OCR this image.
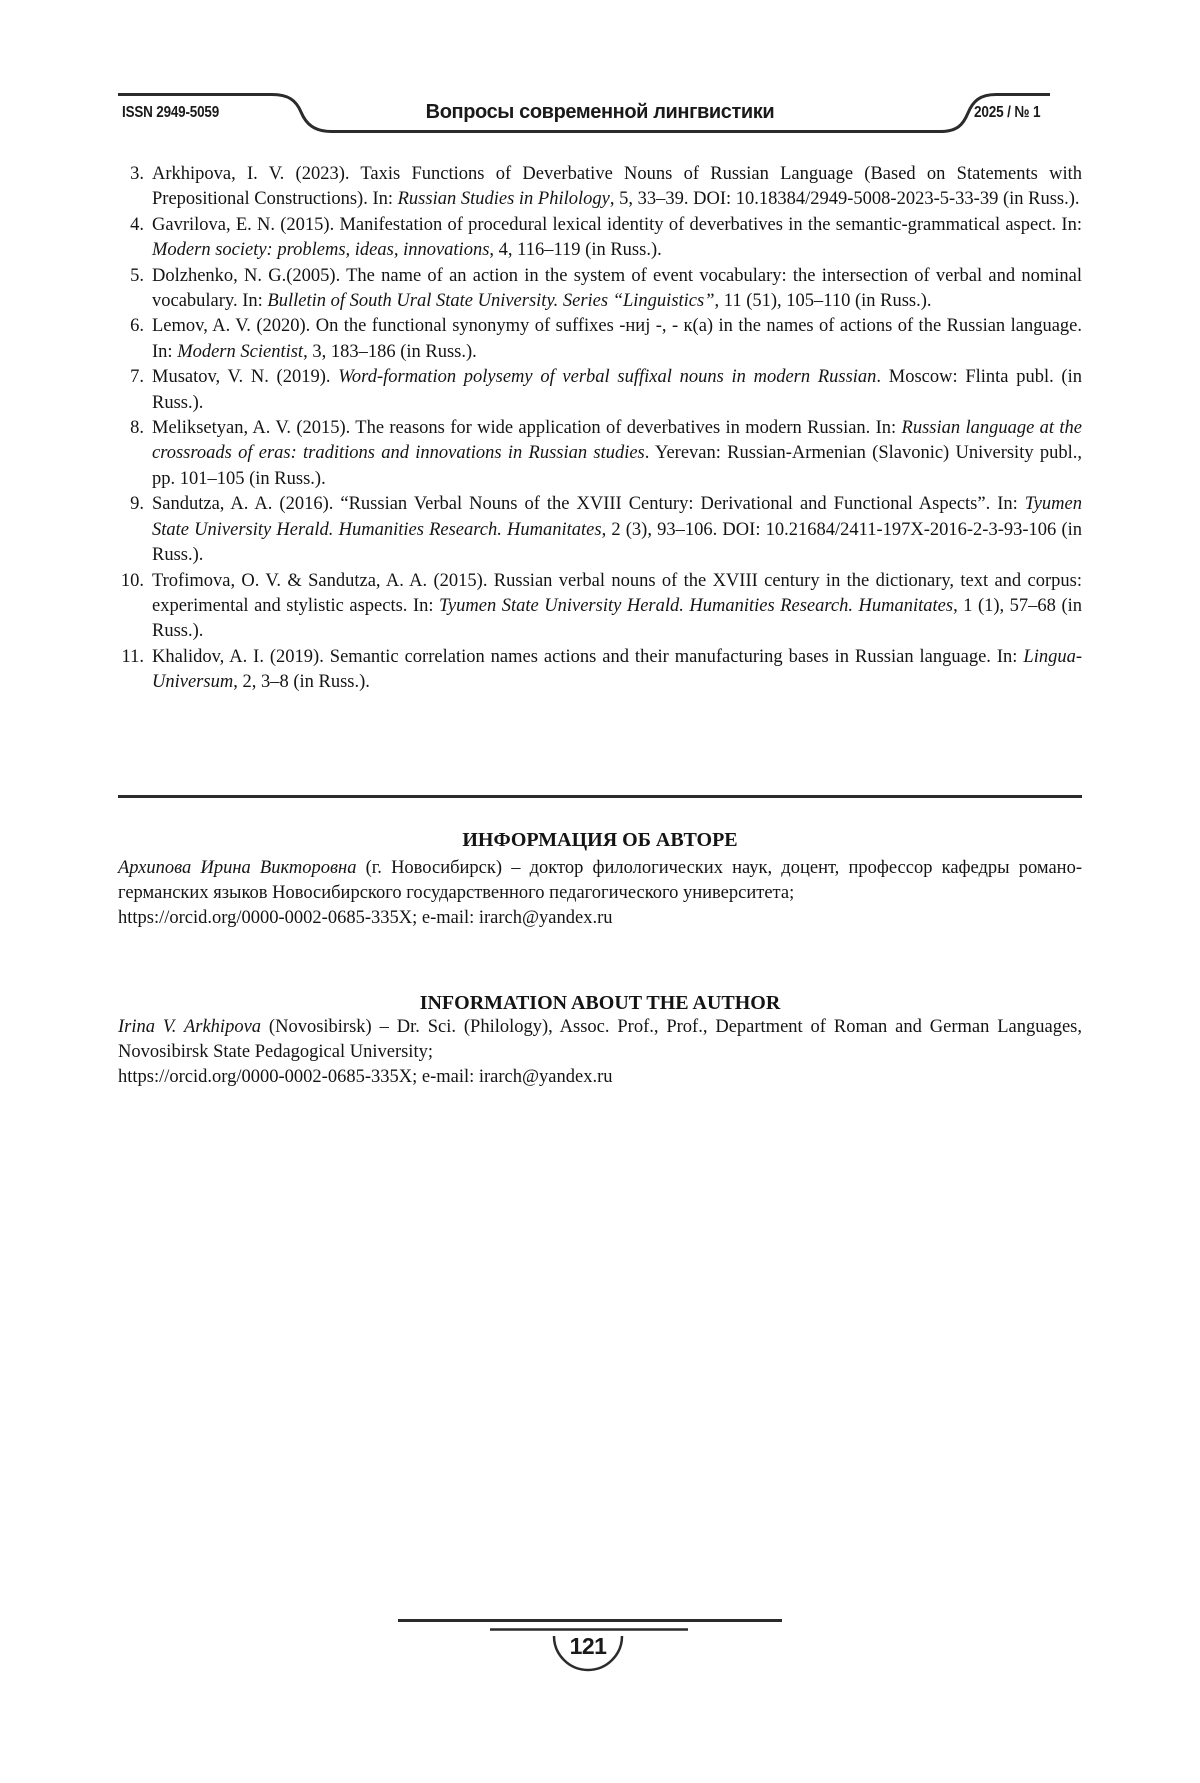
ISSN 2949-5059	Вопросы современной лингвистики	2025 / № 1
3. Arkhipova, I. V. (2023). Taxis Functions of Deverbative Nouns of Russian Language (Based on Statements with Prepositional Constructions). In: Russian Studies in Philology, 5, 33–39. DOI: 10.18384/2949-5008-2023-5-33-39 (in Russ.).
4. Gavrilova, E. N. (2015). Manifestation of procedural lexical identity of deverbatives in the semantic-grammatical aspect. In: Modern society: problems, ideas, innovations, 4, 116–119 (in Russ.).
5. Dolzhenko, N. G.(2005). The name of an action in the system of event vocabulary: the intersection of verbal and nominal vocabulary. In: Bulletin of South Ural State University. Series “Linguistics”, 11 (51), 105–110 (in Russ.).
6. Lemov, A. V. (2020). On the functional synonymy of suffixes -ниj -, - к(а) in the names of actions of the Russian language. In: Modern Scientist, 3, 183–186 (in Russ.).
7. Musatov, V. N. (2019). Word-formation polysemy of verbal suffixal nouns in modern Russian. Moscow: Flinta publ. (in Russ.).
8. Meliksetyan, A. V. (2015). The reasons for wide application of deverbatives in modern Russian. In: Russian language at the crossroads of eras: traditions and innovations in Russian studies. Yerevan: Russian-Armenian (Slavonic) University publ., pp. 101–105 (in Russ.).
9. Sandutza, A. A. (2016). “Russian Verbal Nouns of the XVIII Century: Derivational and Functional Aspects”. In: Tyumen State University Herald. Humanities Research. Humanitates, 2 (3), 93–106. DOI: 10.21684/2411-197X-2016-2-3-93-106 (in Russ.).
10. Trofimova, O. V. & Sandutza, A. A. (2015). Russian verbal nouns of the XVIII century in the dictionary, text and corpus: experimental and stylistic aspects. In: Tyumen State University Herald. Humanities Research. Humanitates, 1 (1), 57–68 (in Russ.).
11. Khalidov, A. I. (2019). Semantic correlation names actions and their manufacturing bases in Russian language. In: Lingua-Universum, 2, 3–8 (in Russ.).
ИНФОРМАЦИЯ ОБ АВТОРЕ
Архипова Ирина Викторовна (г. Новосибирск) – доктор филологических наук, доцент, профессор кафедры романо-германских языков Новосибирского государственного педагогического университета;
https://orcid.org/0000-0002-0685-335X; e-mail: irarch@yandex.ru
INFORMATION ABOUT THE AUTHOR
Irina V. Arkhipova (Novosibirsk) – Dr. Sci. (Philology), Assoc. Prof., Prof., Department of Roman and German Languages, Novosibirsk State Pedagogical University;
https://orcid.org/0000-0002-0685-335X; e-mail: irarch@yandex.ru
121
